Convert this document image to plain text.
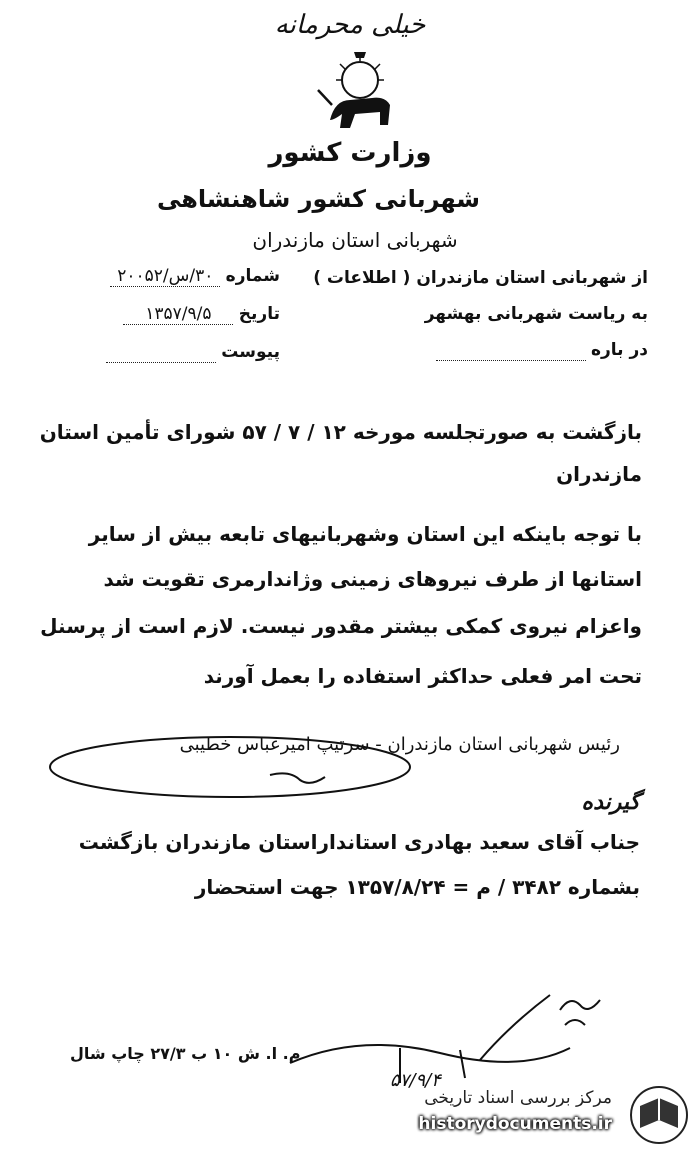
خیلی محرمانه
وزارت کشور
شهربانی کشور شاهنشاهی
شهربانی استان مازندران
از شهربانی استان مازندران ( اطلاعات )
به ریاست شهربانی بهشهر
در باره
شماره ۳۰/س/۲۰۰۵۲
تاریخ ۱۳۵۷/۹/۵
پیوست
بازگشت به صورتجلسه مورخه ۱۲ / ۷ / ۵۷ شورای تأمین استان
مازندران
با توجه باینکه این استان وشهربانیهای تابعه بیش از سایر
استانها از طرف نیروهای زمینی وژاندارمری تقویت شد
واعزام نیروی کمکی بیشتر مقدور نیست. لازم است از پرسنل
تحت امر فعلی حداکثر استفاده را بعمل آورند
رئیس شهربانی استان مازندران - سرتیپ امیرعباس خطیبی
گیرنده
جناب آقای سعید بهادری استانداراستان مازندران بازگشت
بشماره ۳۴۸۲ / م = ۱۳۵۷/۸/۲۴ جهت استحضار
م. ا. ش ۱۰ ب ۲۷/۳ چاپ شال
۵۷/۹/۴
مرکز بررسی اسناد تاریخی
historydocuments.ir
